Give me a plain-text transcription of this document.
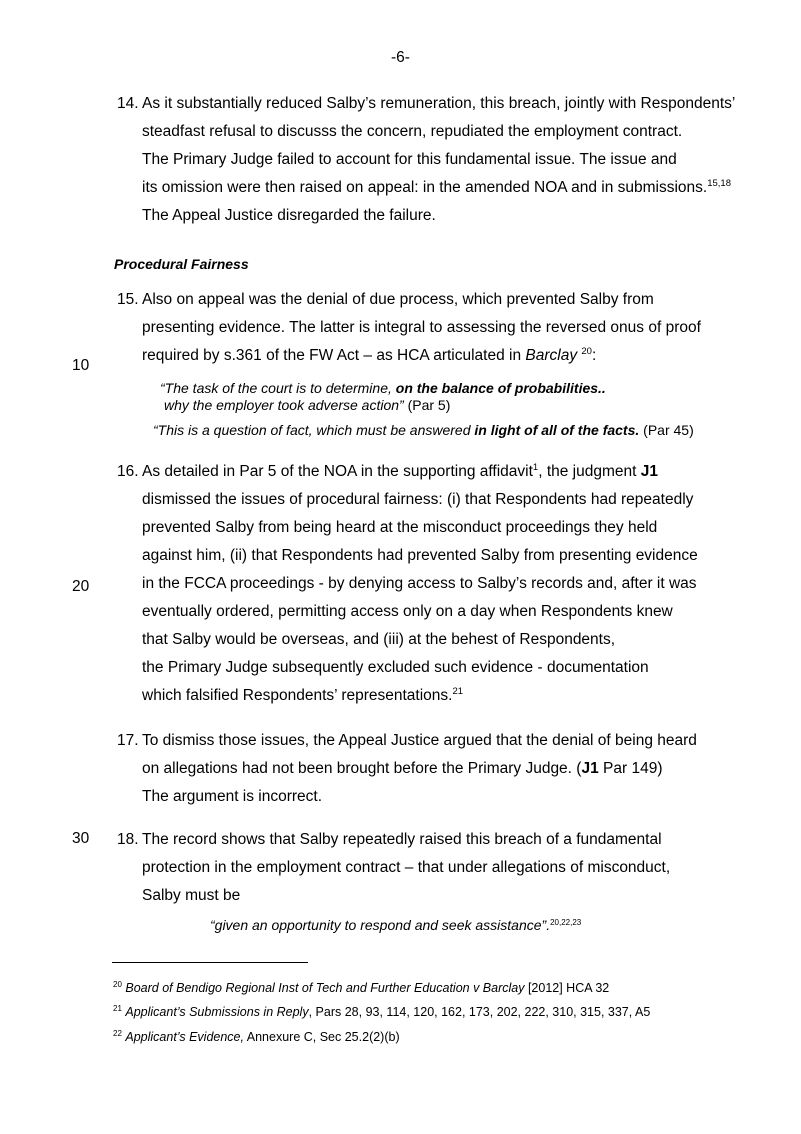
-6-
10
20
30
14. As it substantially reduced Salby’s remuneration, this breach, jointly with Respondents’
steadfast refusal to discusss the concern, repudiated the employment contract.
The Primary Judge failed to account for this fundamental issue. The issue and
its omission were then raised on appeal: in the amended NOA and in submissions.$^{15,18}$
The Appeal Justice disregarded the failure.
Procedural Fairness
15. Also on appeal was the denial of due process, which prevented Salby from
presenting evidence. The latter is integral to assessing the reversed onus of proof
required by s.361 of the FW Act – as HCA articulated in Barclay $^{20}$:
“The task of the court is to determine, on the balance of probabilities..
why the employer took adverse action” (Par 5)
“This is a question of fact, which must be answered in light of all of the facts. (Par 45)
16. As detailed in Par 5 of the NOA in the supporting affidavit$^1$, the judgment J1
dismissed the issues of procedural fairness: (i) that Respondents had repeatedly
prevented Salby from being heard at the misconduct proceedings they held
against him, (ii) that Respondents had prevented Salby from presenting evidence
in the FCCA proceedings - by denying access to Salby’s records and, after it was
eventually ordered, permitting access only on a day when Respondents knew
that Salby would be overseas, and (iii) at the behest of Respondents,
the Primary Judge subsequently excluded such evidence - documentation
which falsified Respondents’ representations.$^{21}$
17. To dismiss those issues, the Appeal Justice argued that the denial of being heard
on allegations had not been brought before the Primary Judge. (J1 Par 149)
The argument is incorrect.
18. The record shows that Salby repeatedly raised this breach of a fundamental
protection in the employment contract – that under allegations of misconduct,
Salby must be
“given an opportunity to respond and seek assistance”.$^{20,22,23}$
$^{20}$ Board of Bendigo Regional Inst of Tech and Further Education v Barclay [2012] HCA 32
$^{21}$ Applicant’s Submissions in Reply, Pars 28, 93, 114, 120, 162, 173, 202, 222, 310, 315, 337, A5
$^{22}$ Applicant’s Evidence, Annexure C, Sec 25.2(2)(b)
